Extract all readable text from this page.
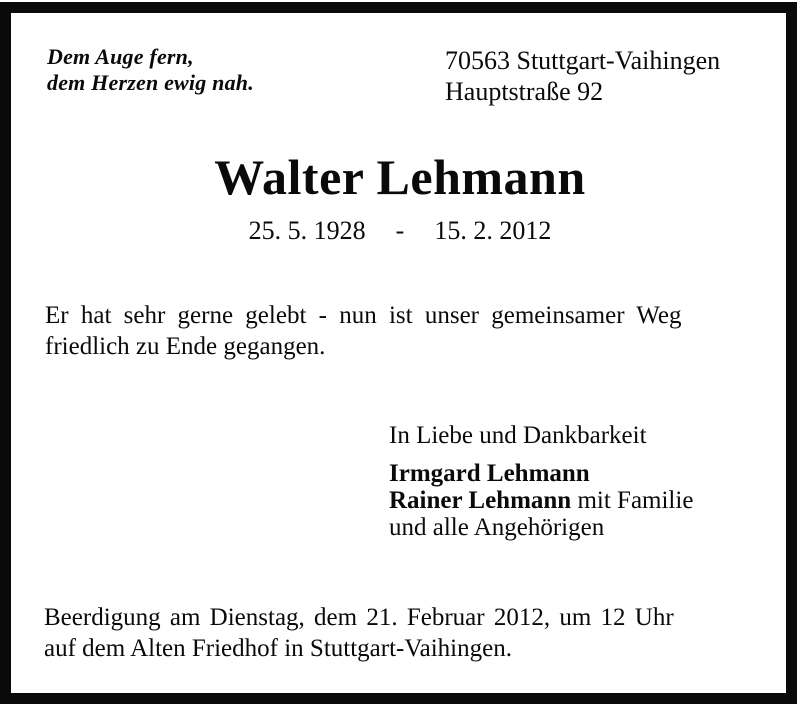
Dem Auge fern,
dem Herzen ewig nah.
70563 Stuttgart-Vaihingen
Hauptstraße 92
Walter Lehmann
25. 5. 1928 - 15. 2. 2012
Er hat sehr gerne gelebt - nun ist unser gemeinsamer Weg
friedlich zu Ende gegangen.
In Liebe und Dankbarkeit
Irmgard Lehmann
Rainer Lehmann mit Familie
und alle Angehörigen
Beerdigung am Dienstag, dem 21. Februar 2012, um 12 Uhr
auf dem Alten Friedhof in Stuttgart-Vaihingen.
